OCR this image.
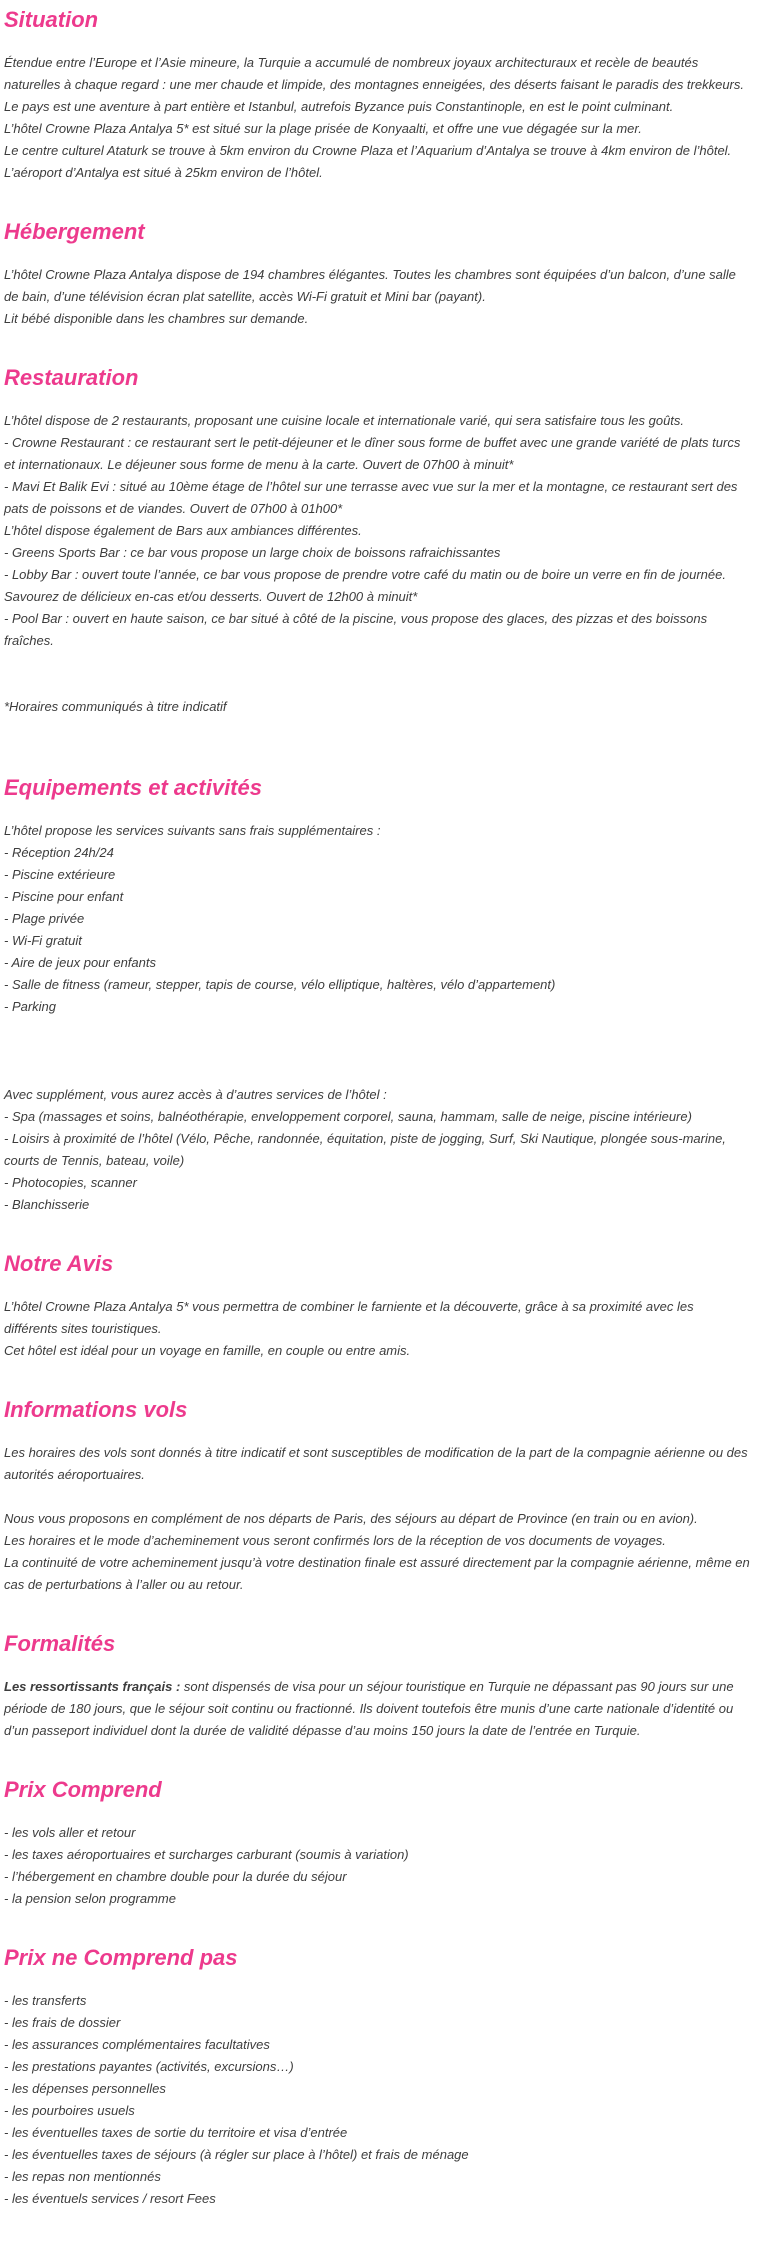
Situation

Étendue entre l’Europe et l’Asie mineure, la Turquie a accumulé de nombreux joyaux architecturaux et recèle de beautés naturelles à chaque regard : une mer chaude et limpide, des montagnes enneigées, des déserts faisant le paradis des trekkeurs. Le pays est une aventure à part entière et Istanbul, autrefois Byzance puis Constantinople, en est le point culminant.

L’hôtel Crowne Plaza Antalya 5* est situé sur la plage prisée de Konyaalti, et offre une vue dégagée sur la mer.

Le centre culturel Ataturk se trouve à 5km environ du Crowne Plaza et l’Aquarium d’Antalya se trouve à 4km environ de l’hôtel. L’aéroport d’Antalya est situé à 25km environ de l’hôtel.

Hébergement

L’hôtel Crowne Plaza Antalya dispose de 194 chambres élégantes. Toutes les chambres sont équipées d’un balcon, d’une salle de bain, d’une télévision écran plat satellite, accès Wi-Fi gratuit et Mini bar (payant).

Lit bébé disponible dans les chambres sur demande.

Restauration

L’hôtel dispose de 2 restaurants, proposant une cuisine locale et internationale varié, qui sera satisfaire tous les goûts.

- Crowne Restaurant : ce restaurant sert le petit-déjeuner et le dîner sous forme de buffet avec une grande variété de plats turcs et internationaux. Le déjeuner sous forme de menu à la carte. Ouvert de 07h00 à minuit*

- Mavi Et Balik Evi : situé au 10ème étage de l’hôtel sur une terrasse avec vue sur la mer et la montagne, ce restaurant sert des pats de poissons et de viandes. Ouvert de 07h00 à 01h00*

L’hôtel dispose également de Bars aux ambiances différentes.

- Greens Sports Bar : ce bar vous propose un large choix de boissons rafraichissantes

- Lobby Bar : ouvert toute l’année, ce bar vous propose de prendre votre café du matin ou de boire un verre en fin de journée. Savourez de délicieux en-cas et/ou desserts. Ouvert de 12h00 à minuit*

- Pool Bar : ouvert en haute saison, ce bar situé à côté de la piscine, vous propose des glaces, des pizzas et des boissons fraîches.

*Horaires communiqués à titre indicatif

Equipements et activités

L’hôtel propose les services suivants sans frais supplémentaires :

- Réception 24h/24

- Piscine extérieure

- Piscine pour enfant

- Plage privée

- Wi-Fi gratuit

- Aire de jeux pour enfants

- Salle de fitness (rameur, stepper, tapis de course, vélo elliptique, haltères, vélo d’appartement)

- Parking

Avec supplément, vous aurez accès à d’autres services de l’hôtel :

- Spa (massages et soins, balnéothérapie, enveloppement corporel, sauna, hammam, salle de neige, piscine intérieure)

- Loisirs à proximité de l’hôtel (Vélo, Pêche, randonnée, équitation, piste de jogging, Surf, Ski Nautique, plongée sous-marine, courts de Tennis, bateau, voile)

- Photocopies, scanner

- Blanchisserie

Notre Avis

L’hôtel Crowne Plaza Antalya 5* vous permettra de combiner le farniente et la découverte, grâce à sa proximité avec les différents sites touristiques.

Cet hôtel est idéal pour un voyage en famille, en couple ou entre amis.

Informations vols

Les horaires des vols sont donnés à titre indicatif et sont susceptibles de modification de la part de la compagnie aérienne ou des autorités aéroportuaires.

Nous vous proposons en complément de nos départs de Paris, des séjours au départ de Province (en train ou en avion).

Les horaires et le mode d’acheminement vous seront confirmés lors de la réception de vos documents de voyages.

La continuité de votre acheminement jusqu’à votre destination finale est assuré directement par la compagnie aérienne, même en cas de perturbations à l’aller ou au retour.

Formalités

Les ressortissants français : sont dispensés de visa pour un séjour touristique en Turquie ne dépassant pas 90 jours sur une période de 180 jours, que le séjour soit continu ou fractionné. Ils doivent toutefois être munis d’une carte nationale d’identité ou d’un passeport individuel dont la durée de validité dépasse d’au moins 150 jours la date de l’entrée en Turquie.

Prix Comprend

- les vols aller et retour

- les taxes aéroportuaires et surcharges carburant (soumis à variation)

- l’hébergement en chambre double pour la durée du séjour

- la pension selon programme

Prix ne Comprend pas

- les transferts

- les frais de dossier

- les assurances complémentaires facultatives

- les prestations payantes (activités, excursions…)

- les dépenses personnelles

- les pourboires usuels

- les éventuelles taxes de sortie du territoire et visa d’entrée

- les éventuelles taxes de séjours (à régler sur place à l’hôtel) et frais de ménage

- les repas non mentionnés

- les éventuels services / resort Fees
